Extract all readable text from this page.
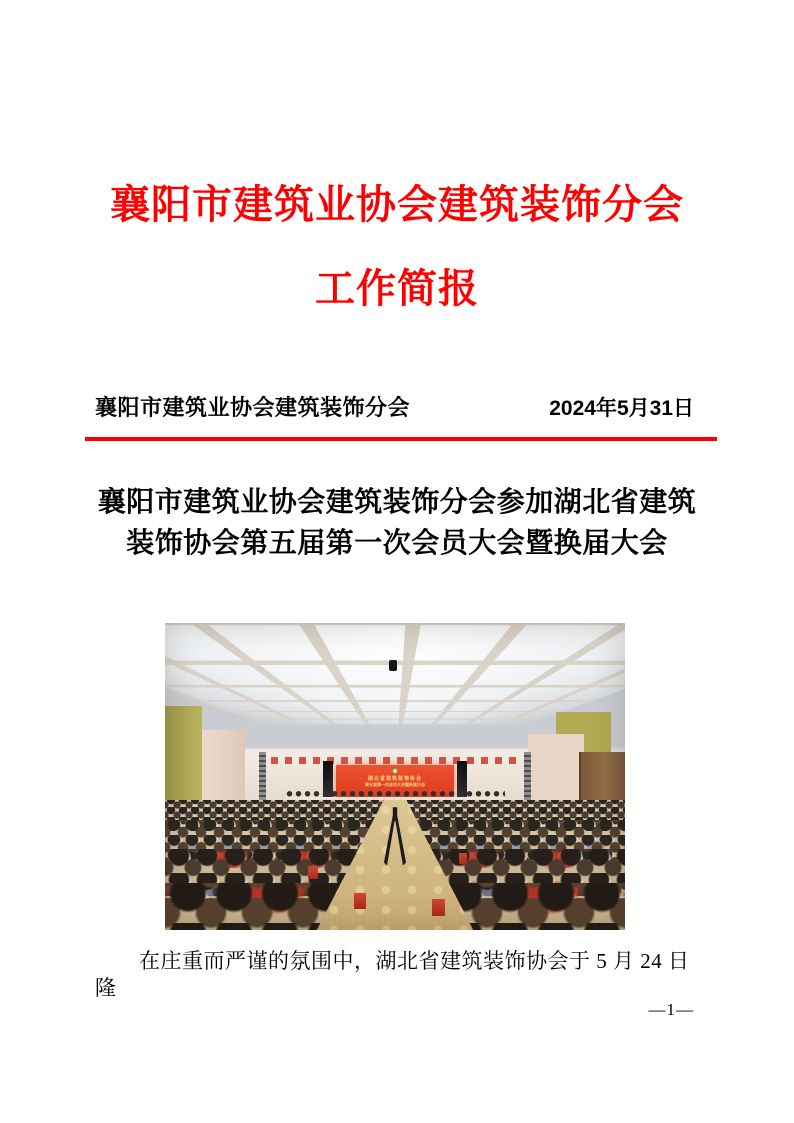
襄阳市建筑业协会建筑装饰分会
工作简报
襄阳市建筑业协会建筑装饰分会	2024年5月31日
襄阳市建筑业协会建筑装饰分会参加湖北省建筑
装饰协会第五届第一次会员大会暨换届大会
湖北省建筑装饰协会
第五届第一次会员大会暨换届大会

在庄重而严谨的氛围中，湖北省建筑装饰协会于 5 月 24 日隆

—1—
